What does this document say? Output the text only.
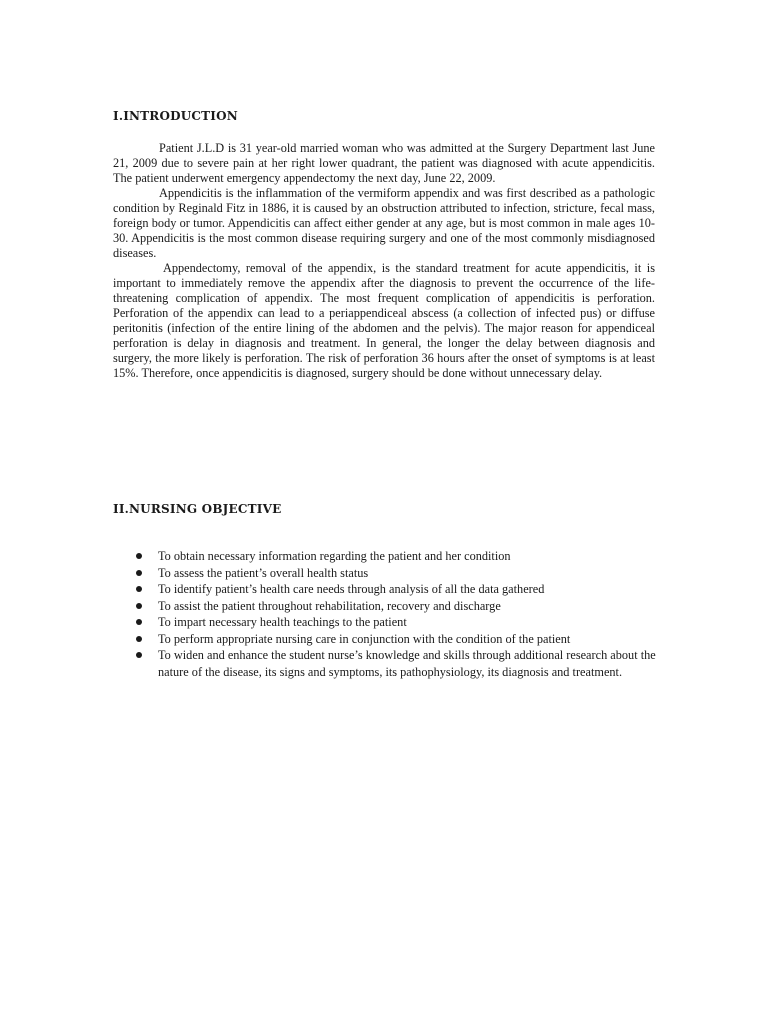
I.INTRODUCTION

Patient J.L.D is 31 year-old married woman who was admitted at the Surgery Department last June 21, 2009 due to severe pain at her right lower quadrant, the patient was diagnosed with acute appendicitis. The patient underwent emergency appendectomy the next day, June 22, 2009.

Appendicitis is the inflammation of the vermiform appendix and was first described as a pathologic condition by Reginald Fitz in 1886, it is caused by an obstruction attributed to infection, stricture, fecal mass, foreign body or tumor. Appendicitis can affect either gender at any age, but is most common in male ages 10-30. Appendicitis is the most common disease requiring surgery and one of the most commonly misdiagnosed diseases.

Appendectomy, removal of the appendix, is the standard treatment for acute appendicitis, it is important to immediately remove the appendix after the diagnosis to prevent the occurrence of the life-threatening complication of appendix. The most frequent complication of appendicitis is perforation. Perforation of the appendix can lead to a periappendiceal abscess (a collection of infected pus) or diffuse peritonitis (infection of the entire lining of the abdomen and the pelvis). The major reason for appendiceal perforation is delay in diagnosis and treatment. In general, the longer the delay between diagnosis and surgery, the more likely is perforation. The risk of perforation 36 hours after the onset of symptoms is at least 15%. Therefore, once appendicitis is diagnosed, surgery should be done without unnecessary delay.

II.NURSING OBJECTIVE
To obtain necessary information regarding the patient and her condition
To assess the patient’s overall health status
To identify patient’s health care needs through analysis of all the data gathered
To assist the patient throughout rehabilitation, recovery and discharge
To impart necessary health teachings to the patient
To perform appropriate nursing care in conjunction with the condition of the patient
To widen and enhance the student nurse’s knowledge and skills through additional research about the nature of the disease, its signs and symptoms, its pathophysiology, its diagnosis and treatment.
